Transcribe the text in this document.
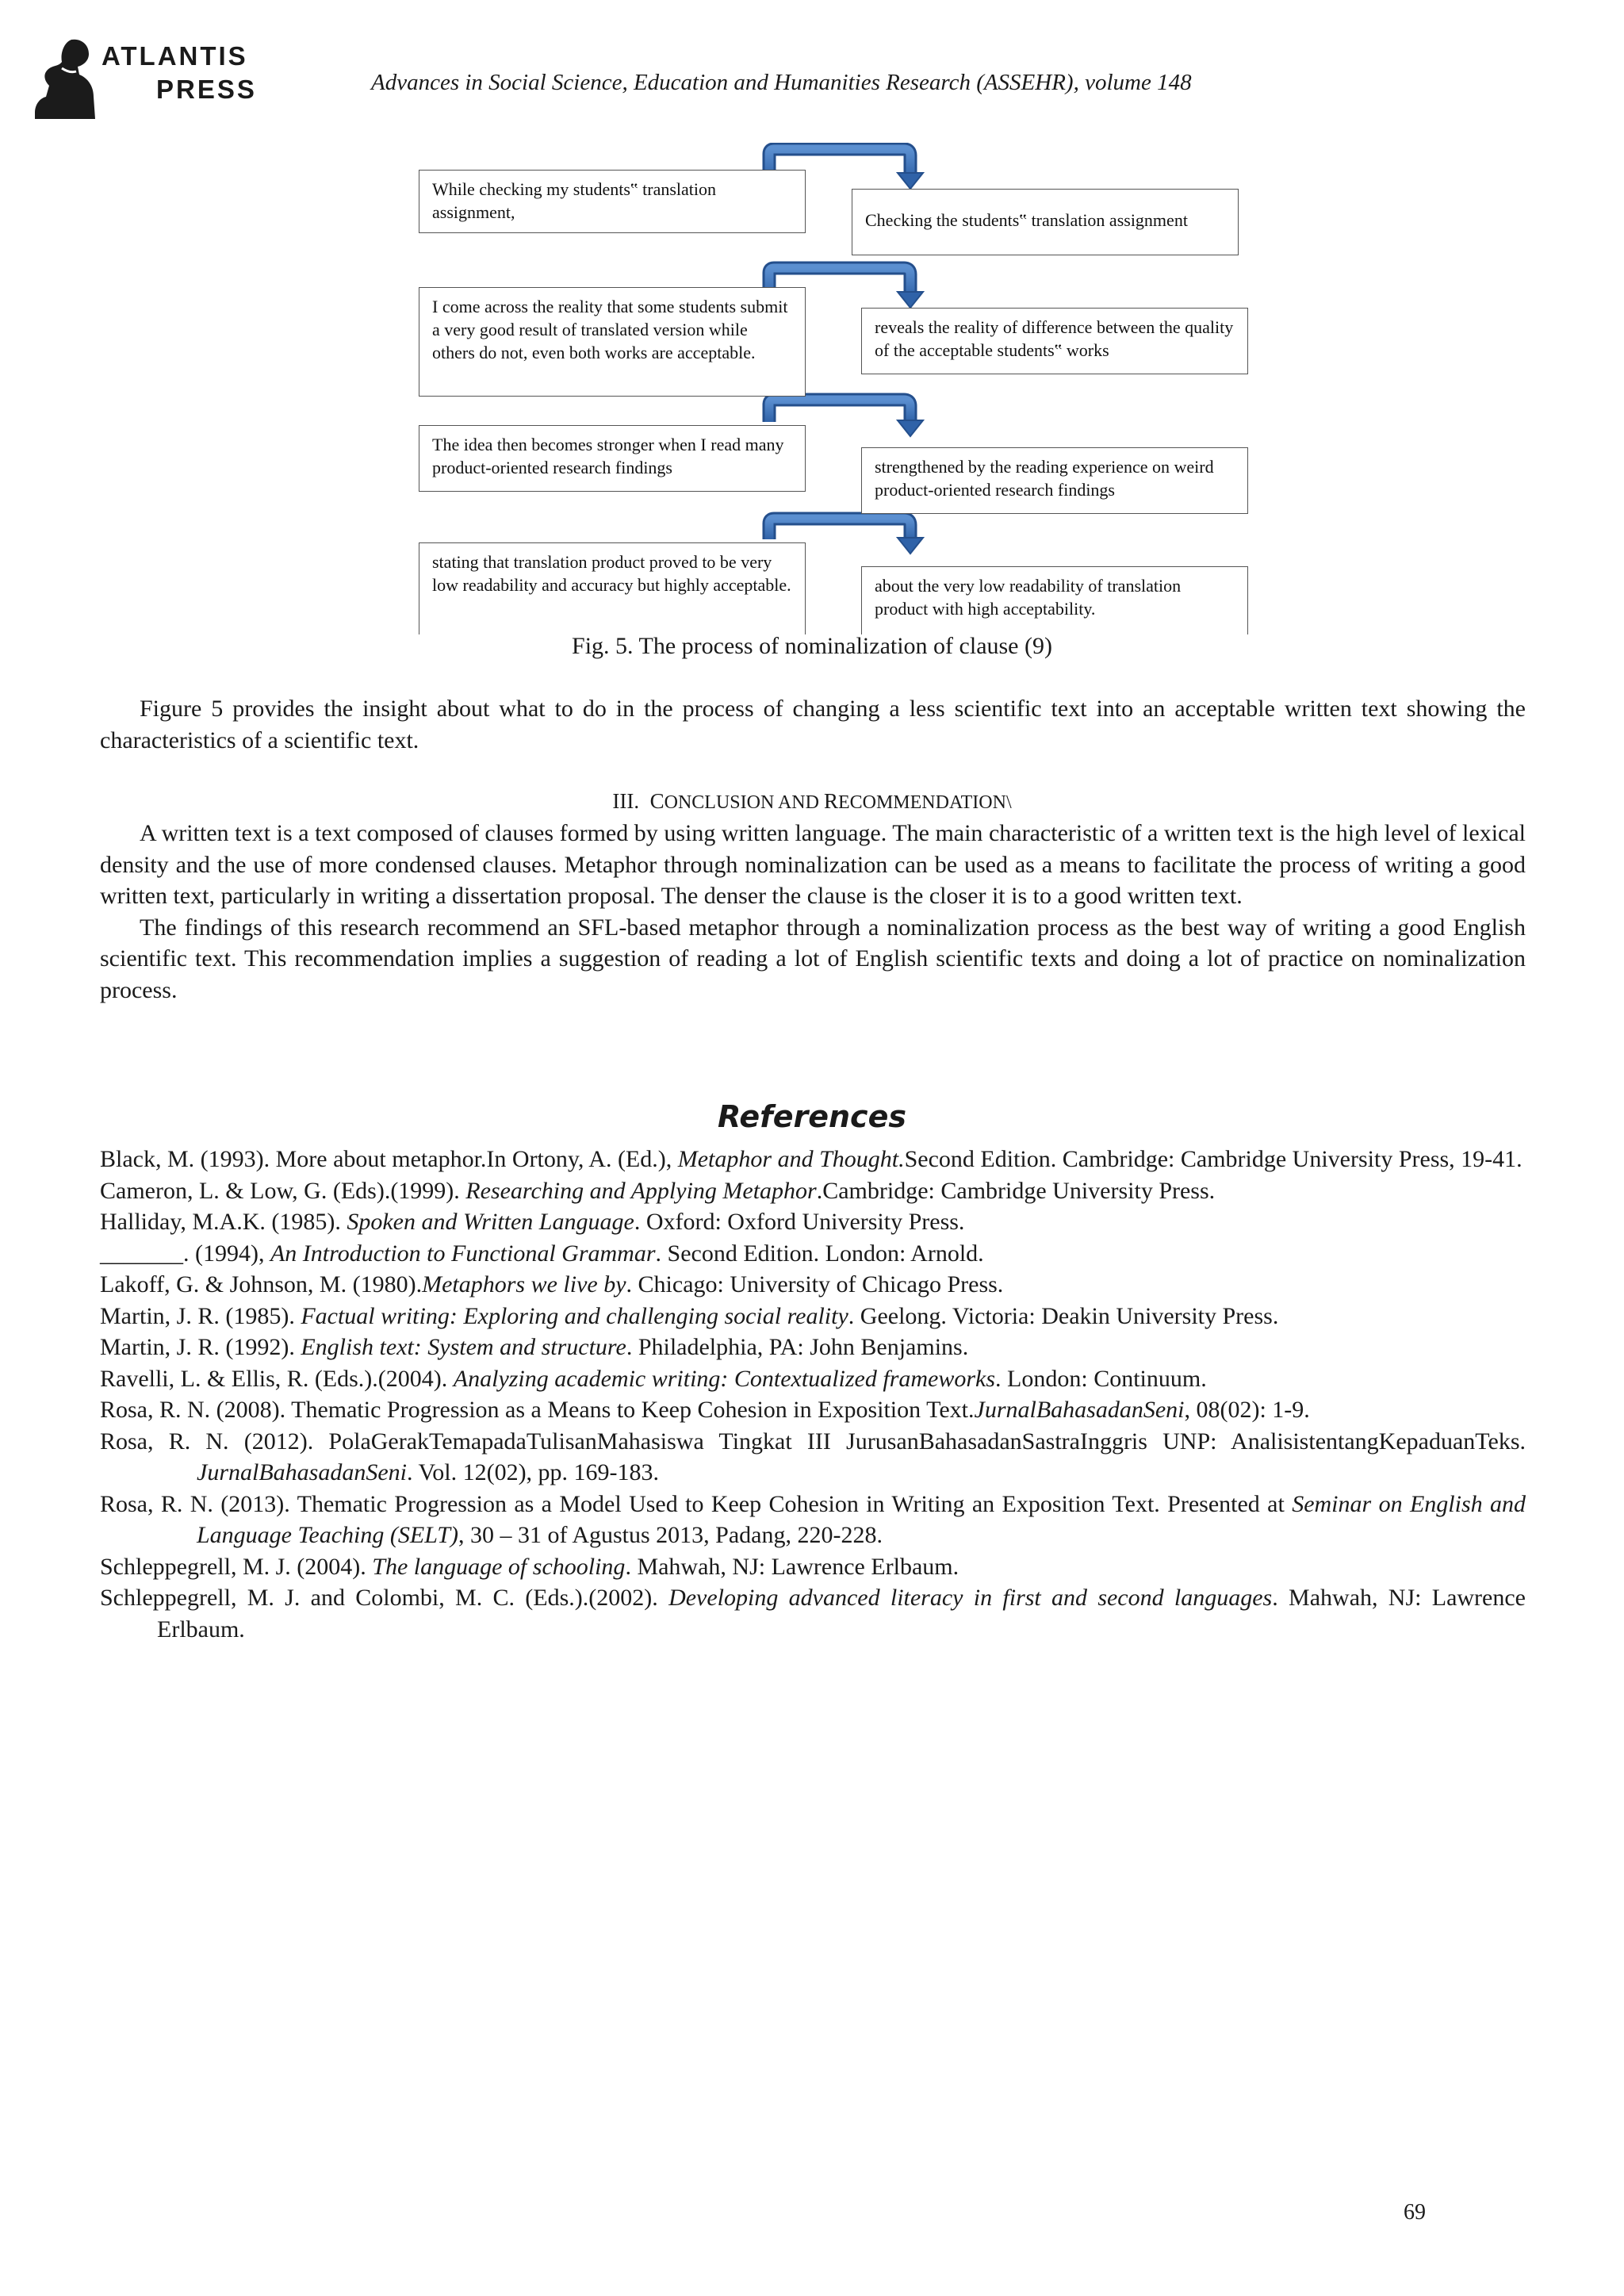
ATLANTIS
PRESS	Advances in Social Science, Education and Humanities Research (ASSEHR), volume 148
While checking my students‟ translation assignment,	Checking the students‟ translation assignment
I come across the reality that some students submit a very good result of translated version while others do not, even both works are acceptable.
reveals the reality of difference between the quality of the acceptable students‟ works
The idea then becomes stronger when I read many product-oriented research findings	strengthened by the reading experience on weird product-oriented research findings
stating that translation product proved to be very low readability and accuracy but highly acceptable.	about the very low readability of translation product with high acceptability.
Fig. 5. The process of nominalization of clause (9)

Figure 5 provides the insight about what to do in the process of changing a less scientific text into an acceptable written text showing the characteristics of a scientific text.

III. CONCLUSION AND RECOMMENDATION\

A written text is a text composed of clauses formed by using written language. The main characteristic of a written text is the high level of lexical density and the use of more condensed clauses. Metaphor through nominalization can be used as a means to facilitate the process of writing a good written text, particularly in writing a dissertation proposal. The denser the clause is the closer it is to a good written text.

The findings of this research recommend an SFL-based metaphor through a nominalization process as the best way of writing a good English scientific text. This recommendation implies a suggestion of reading a lot of English scientific texts and doing a lot of practice on nominalization process.

References
Black, M. (1993). More about metaphor.In Ortony, A. (Ed.), Metaphor and Thought.Second Edition. Cambridge: Cambridge University Press, 19-41.
Cameron, L. & Low, G. (Eds).(1999). Researching and Applying Metaphor.Cambridge: Cambridge University Press.
Halliday, M.A.K. (1985). Spoken and Written Language. Oxford: Oxford University Press.
_______. (1994), An Introduction to Functional Grammar. Second Edition. London: Arnold.
Lakoff, G. & Johnson, M. (1980).Metaphors we live by. Chicago: University of Chicago Press.
Martin, J. R. (1985). Factual writing: Exploring and challenging social reality. Geelong. Victoria: Deakin University Press.
Martin, J. R. (1992). English text: System and structure. Philadelphia, PA: John Benjamins.
Ravelli, L. & Ellis, R. (Eds.).(2004). Analyzing academic writing: Contextualized frameworks. London: Continuum.
Rosa, R. N. (2008). Thematic Progression as a Means to Keep Cohesion in Exposition Text.JurnalBahasadanSeni, 08(02): 1-9.
Rosa, R. N. (2012). PolaGerakTemapadaTulisanMahasiswa Tingkat III JurusanBahasadanSastraInggris UNP: AnalisistentangKepaduanTeks. JurnalBahasadanSeni. Vol. 12(02), pp. 169-183.
Rosa, R. N. (2013). Thematic Progression as a Model Used to Keep Cohesion in Writing an Exposition Text. Presented at Seminar on English and Language Teaching (SELT), 30 – 31 of Agustus 2013, Padang, 220-228.
Schleppegrell, M. J. (2004). The language of schooling. Mahwah, NJ: Lawrence Erlbaum.
Schleppegrell, M. J. and Colombi, M. C. (Eds.).(2002). Developing advanced literacy in first and second languages. Mahwah, NJ: Lawrence Erlbaum.
69
